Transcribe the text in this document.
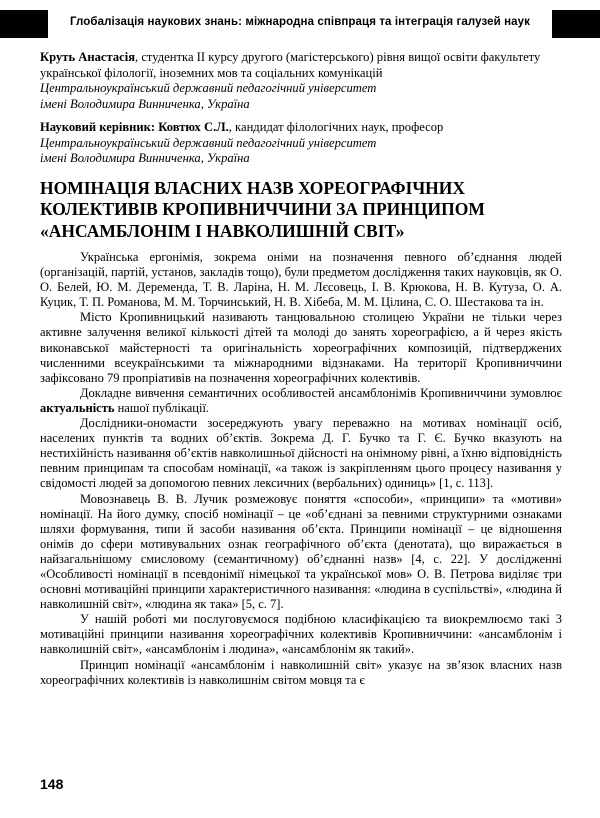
Глобалізація наукових знань: міжнародна співпраця та інтеграція галузей наук

Круть Анастасія, студентка ІІ курсу другого (магістерського) рівня вищої освіти факультету української філології, іноземних мов та соціальних комунікацій

Центральноукраїнський державний педагогічний університет
імені Володимира Винниченка, Україна

Науковий керівник: Ковтюх С.Л., кандидат філологічних наук, професор

Центральноукраїнський державний педагогічний університет
імені Володимира Винниченка, Україна
НОМІНАЦІЯ ВЛАСНИХ НАЗВ ХОРЕОГРАФІЧНИХ КОЛЕКТИВІВ КРОПИВНИЧЧИНИ ЗА ПРИНЦИПОМ «АНСАМБЛОНІМ І НАВКОЛИШНІЙ СВІТ»

Українська ергонімія, зокрема оніми на позначення певного об’єднання людей (організацій, партій, установ, закладів тощо), були предметом дослідження таких науковців, як О. О. Белей, Ю. М. Деременда, Т. В. Ларіна, Н. М. Лєсовець, І. В. Крюкова, Н. В. Кутуза, О. А. Куцик, Т. П. Романова, М. М. Торчинський, Н. В. Хібеба, М. М. Цілина, С. О. Шестакова та ін.

Місто Кропивницький називають танцювальною столицею України не тільки через активне залучення великої кількості дітей та молоді до занять хореографією, а й через якість виконавської майстерності та оригінальність хореографічних композицій, підтверджених численними всеукраїнськими та міжнародними відзнаками. На території Кропивниччини зафіксовано 79 пропріативів на позначення хореографічних колективів.

Докладне вивчення семантичних особливостей ансамблонімів Кропивниччини зумовлює актуальність нашої публікації.

Дослідники-ономасти зосереджують увагу переважно на мотивах номінації осіб, населених пунктів та водних об’єктів. Зокрема Д. Г. Бучко та Г. Є. Бучко вказують на нестихійність називання об’єктів навколишньої дійсності на онімному рівні, а їхню відповідність певним принципам та способам номінації, «а також із закріпленням цього процесу називання у свідомості людей за допомогою певних лексичних (вербальних) одиниць» [1, с. 113].

Мовознавець В. В. Лучик розмежовує поняття «способи», «принципи» та «мотиви» номінації. На його думку, спосіб номінації – це «об’єднані за певними структурними ознаками шляхи формування, типи й засоби називання об’єкта. Принципи номінації – це відношення онімів до сфери мотивувальних ознак географічного об’єкта (денотата), що виражається в найзагальнішому смисловому (семантичному) об’єднанні назв» [4, с. 22]. У дослідженні «Особливості номінації в псевдонімії німецької та української мов» О. В. Петрова виділяє три основні мотиваційні принципи характеристичного називання: «людина в суспільстві», «людина й навколишній світ», «людина як така» [5, с. 7].

У нашій роботі ми послуговуємося подібною класифікацією та виокремлюємо такі 3 мотиваційні принципи називання хореографічних колективів Кропивниччини: «ансамблонім і навколишній світ», «ансамблонім і людина», «ансамблонім як такий».

Принцип номінації «ансамблонім і навколишній світ» указує на зв’язок власних назв хореографічних колективів із навколишнім світом мовця та є

148
